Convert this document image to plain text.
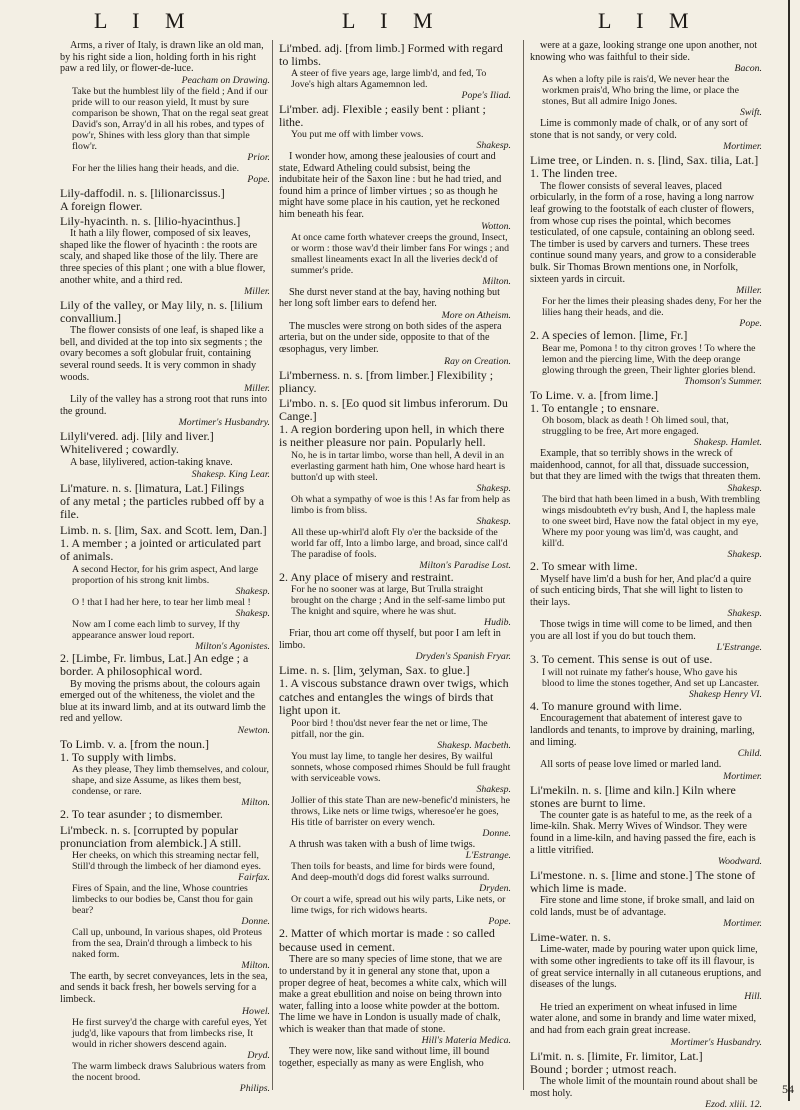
L I M	L I M	L I M
Arms, a river of Italy, is drawn like an old man, by his right side a lion, holding forth in his right paw a red lily, or flower-de-luce.
Peacham on Drawing.
Take but the humblest lily of the field ; And if our pride will to our reason yield, It must by sure comparison be shown, That on the regal seat great David's son, Array'd in all his robes, and types of pow'r, Shines with less glory than that simple flow'r.
Prior.
For her the lilies hang their heads, and die.
Pope.
Lily-daffodil. n. s. [lilionarcissus.]
A foreign flower.
Lily-hyacinth. n. s. [lilio-hyacinthus.]
It hath a lily flower, composed of six leaves, shaped like the flower of hyacinth : the roots are scaly, and shaped like those of the lily. There are three species of this plant ; one with a blue flower, another white, and a third red.
Miller.
Lily of the valley, or May lily, n. s. [lilium convallium.]
The flower consists of one leaf, is shaped like a bell, and divided at the top into six segments ; the ovary becomes a soft globular fruit, containing several round seeds. It is very common in shady woods.
Miller.
Lily of the valley has a strong root that runs into the ground.
Mortimer's Husbandry.
Lilyli'vered. adj. [lily and liver.]
Whitelivered ; cowardly.
A base, lilylivered, action-taking knave.
Shakesp. King Lear.
Li'mature. n. s. [limatura, Lat.] Filings
of any metal ; the particles rubbed off by a file.
Limb. n. s. [lim, Sax. and Scott. lem, Dan.]
1. A member ; a jointed or articulated part of animals.
A second Hector, for his grim aspect, And large proportion of his strong knit limbs.
Shakesp.
O ! that I had her here, to tear her limb meal !
Shakesp.
Now am I come each limb to survey, If thy appearance answer loud report.
Milton's Agonistes.
2. [Limbe, Fr. limbus, Lat.] An edge ; a border. A philosophical word.
By moving the prisms about, the colours again emerged out of the whiteness, the violet and the blue at its inward limb, and at its outward limb the red and yellow.
Newton.
To Limb. v. a. [from the noun.]
1. To supply with limbs.
As they please, They limb themselves, and colour, shape, and size Assume, as likes them best, condense, or rare.
Milton.
2. To tear asunder ; to dismember.
Li'mbeck. n. s. [corrupted by popular pronunciation from alembick.] A still.
Her cheeks, on which this streaming nectar fell, Still'd through the limbeck of her diamond eyes.
Fairfax.
Fires of Spain, and the line, Whose countries limbecks to our bodies be, Canst thou for gain bear?
Donne.
Call up, unbound, In various shapes, old Proteus from the sea, Drain'd through a limbeck to his naked form.
Milton.
The earth, by secret conveyances, lets in the sea, and sends it back fresh, her bowels serving for a limbeck.
Howel.
He first survey'd the charge with careful eyes, Yet judg'd, like vapours that from limbecks rise, It would in richer showers descend again.
Dryd.
The warm limbeck draws Salubrious waters from the nocent brood.
Philips.
Li'mbed. adj. [from limb.] Formed with regard to limbs.
A steer of five years age, large limb'd, and fed, To Jove's high altars Agamemnon led.
Pope's Iliad.
Li'mber. adj. Flexible ; easily bent : pliant ; lithe.
You put me off with limber vows.
Shakesp.
I wonder how, among these jealousies of court and state, Edward Atheling could subsist, being the indubitate heir of the Saxon line : but he had tried, and found him a prince of limber virtues ; so as though he might have some place in his caution, yet he reckoned him beneath his fear.
Wotton.
At once came forth whatever creeps the ground, Insect, or worm : those wav'd their limber fans For wings ; and smallest lineaments exact In all the liveries deck'd of summer's pride.
Milton.
She durst never stand at the bay, having nothing but her long soft limber ears to defend her.
More on Atheism.
The muscles were strong on both sides of the aspera arteria, but on the under side, opposite to that of the œsophagus, very limber.
Ray on Creation.
Li'mberness. n. s. [from limber.] Flexibility ; pliancy.
Li'mbo. n. s. [Eo quod sit limbus inferorum. Du Cange.]
1. A region bordering upon hell, in which there is neither pleasure nor pain. Popularly hell.
No, he is in tartar limbo, worse than hell, A devil in an everlasting garment hath him, One whose hard heart is button'd up with steel.
Shakesp.
Oh what a sympathy of woe is this ! As far from help as limbo is from bliss.
Shakesp.
All these up-whirl'd aloft Fly o'er the backside of the world far off, Into a limbo large, and broad, since call'd The paradise of fools.
Milton's Paradise Lost.
2. Any place of misery and restraint.
For he no sooner was at large, But Trulla straight brought on the charge ; And in the self-same limbo put The knight and squire, where he was shut.
Hudib.
Friar, thou art come off thyself, but poor I am left in limbo.
Dryden's Spanish Fryar.
Lime. n. s. [lim, ʒelyman, Sax. to glue.]
1. A viscous substance drawn over twigs, which catches and entangles the wings of birds that light upon it.
Poor bird ! thou'dst never fear the net or lime, The pitfall, nor the gin.
Shakesp. Macbeth.
You must lay lime, to tangle her desires, By wailful sonnets, whose composed rhimes Should be full fraught with serviceable vows.
Shakesp.
Jollier of this state Than are new-benefic'd ministers, he throws, Like nets or lime twigs, wheresoe'er he goes, His title of barrister on every wench.
Donne.
A thrush was taken with a bush of lime twigs.
L'Estrange.
Then toils for beasts, and lime for birds were found, And deep-mouth'd dogs did forest walks surround.
Dryden.
Or court a wife, spread out his wily parts, Like nets, or lime twigs, for rich widows hearts.
Pope.
2. Matter of which mortar is made : so called because used in cement.
There are so many species of lime stone, that we are to understand by it in general any stone that, upon a proper degree of heat, becomes a white calx, which will make a great ebullition and noise on being thrown into water, falling into a loose white powder at the bottom. The lime we have in London is usually made of chalk, which is weaker than that made of stone.
Hill's Materia Medica.
They were now, like sand without lime, ill bound together, especially as many as were English, who
were at a gaze, looking strange one upon another, not knowing who was faithful to their side.
Bacon.
As when a lofty pile is rais'd, We never hear the workmen prais'd, Who bring the lime, or place the stones, But all admire Inigo Jones.
Swift.
Lime is commonly made of chalk, or of any sort of stone that is not sandy, or very cold.
Mortimer.
Lime tree, or Linden. n. s. [lind, Sax. tilia, Lat.]
1. The linden tree.
The flower consists of several leaves, placed orbicularly, in the form of a rose, having a long narrow leaf growing to the footstalk of each cluster of flowers, from whose cup rises the pointal, which becomes testiculated, of one capsule, containing an oblong seed. The timber is used by carvers and turners. These trees continue sound many years, and grow to a considerable bulk. Sir Thomas Brown mentions one, in Norfolk, sixteen yards in circuit.
Miller.
For her the limes their pleasing shades deny, For her the lilies hang their heads, and die.
Pope.
2. A species of lemon. [lime, Fr.]
Bear me, Pomona ! to thy citron groves ! To where the lemon and the piercing lime, With the deep orange glowing through the green, Their lighter glories blend.
Thomson's Summer.
To Lime. v. a. [from lime.]
1. To entangle ; to ensnare.
Oh bosom, black as death ! Oh limed soul, that, struggling to be free, Art more engaged.
Shakesp. Hamlet.
Example, that so terribly shows in the wreck of maidenhood, cannot, for all that, dissuade succession, but that they are limed with the twigs that threaten them.
Shakesp.
The bird that hath been limed in a bush, With trembling wings misdoubteth ev'ry bush, And I, the hapless male to one sweet bird, Have now the fatal object in my eye, Where my poor young was lim'd, was caught, and kill'd.
Shakesp.
2. To smear with lime.
Myself have lim'd a bush for her, And plac'd a quire of such enticing birds, That she will light to listen to their lays.
Shakesp.
Those twigs in time will come to be limed, and then you are all lost if you do but touch them.
L'Estrange.
3. To cement. This sense is out of use.
I will not ruinate my father's house, Who gave his blood to lime the stones together, And set up Lancaster.
Shakesp Henry VI.
4. To manure ground with lime.
Encouragement that abatement of interest gave to landlords and tenants, to improve by draining, marling, and liming.
Child.
All sorts of pease love limed or marled land.
Mortimer.
Li'mekiln. n. s. [lime and kiln.] Kiln where stones are burnt to lime.
The counter gate is as hateful to me, as the reek of a lime-kiln. Shak. Merry Wives of Windsor. They were found in a lime-kiln, and having passed the fire, each is a little vitrified.
Woodward.
Li'mestone. n. s. [lime and stone.] The stone of which lime is made.
Fire stone and lime stone, if broke small, and laid on cold lands, must be of advantage.
Mortimer.
Lime-water. n. s.
Lime-water, made by pouring water upon quick lime, with some other ingredients to take off its ill flavour, is of great service internally in all cutaneous eruptions, and diseases of the lungs.
Hill.
He tried an experiment on wheat infused in lime water alone, and some in brandy and lime water mixed, and had from each grain great increase.
Mortimer's Husbandry.
Li'mit. n. s. [limite, Fr. limitor, Lat.]
Bound ; border ; utmost reach.
The whole limit of the mountain round about shall be most holy.
Ezod. xliii. 12.
54
